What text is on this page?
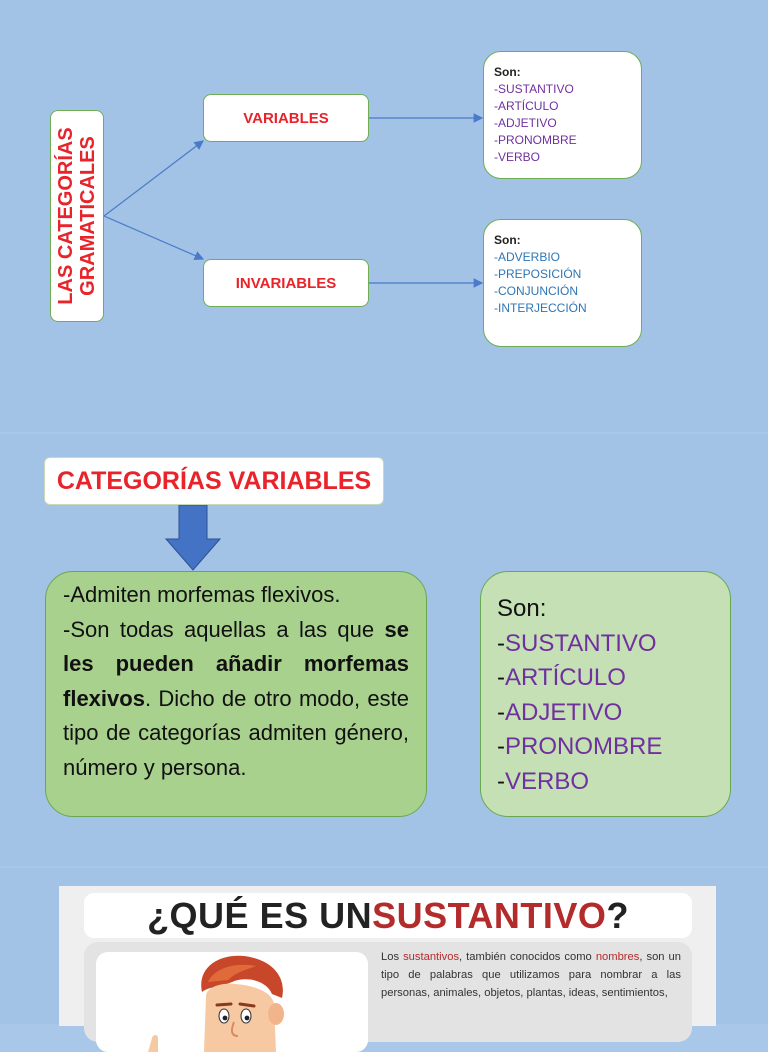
LAS CATEGORÍAS
GRAMATICALES
VARIABLES
INVARIABLES
Son:
-SUSTANTIVO
-ARTÍCULO
-ADJETIVO
-PRONOMBRE
-VERBO
Son:
-ADVERBIO
-PREPOSICIÓN
-CONJUNCIÓN
-INTERJECCIÓN
CATEGORÍAS VARIABLES
-Admiten morfemas flexivos.
-Son todas aquellas a las que se les pueden añadir morfemas flexivos. Dicho de otro modo, este tipo de categorías admiten género, número y persona.
Son:
-SUSTANTIVO
-ARTÍCULO
-ADJETIVO
-PRONOMBRE
-VERBO
¿QUÉ ES UN SUSTANTIVO ?
Los sustantivos, también conocidos como nombres, son un tipo de palabras que utilizamos para nombrar a las personas, animales, objetos, plantas, ideas, sentimientos,
